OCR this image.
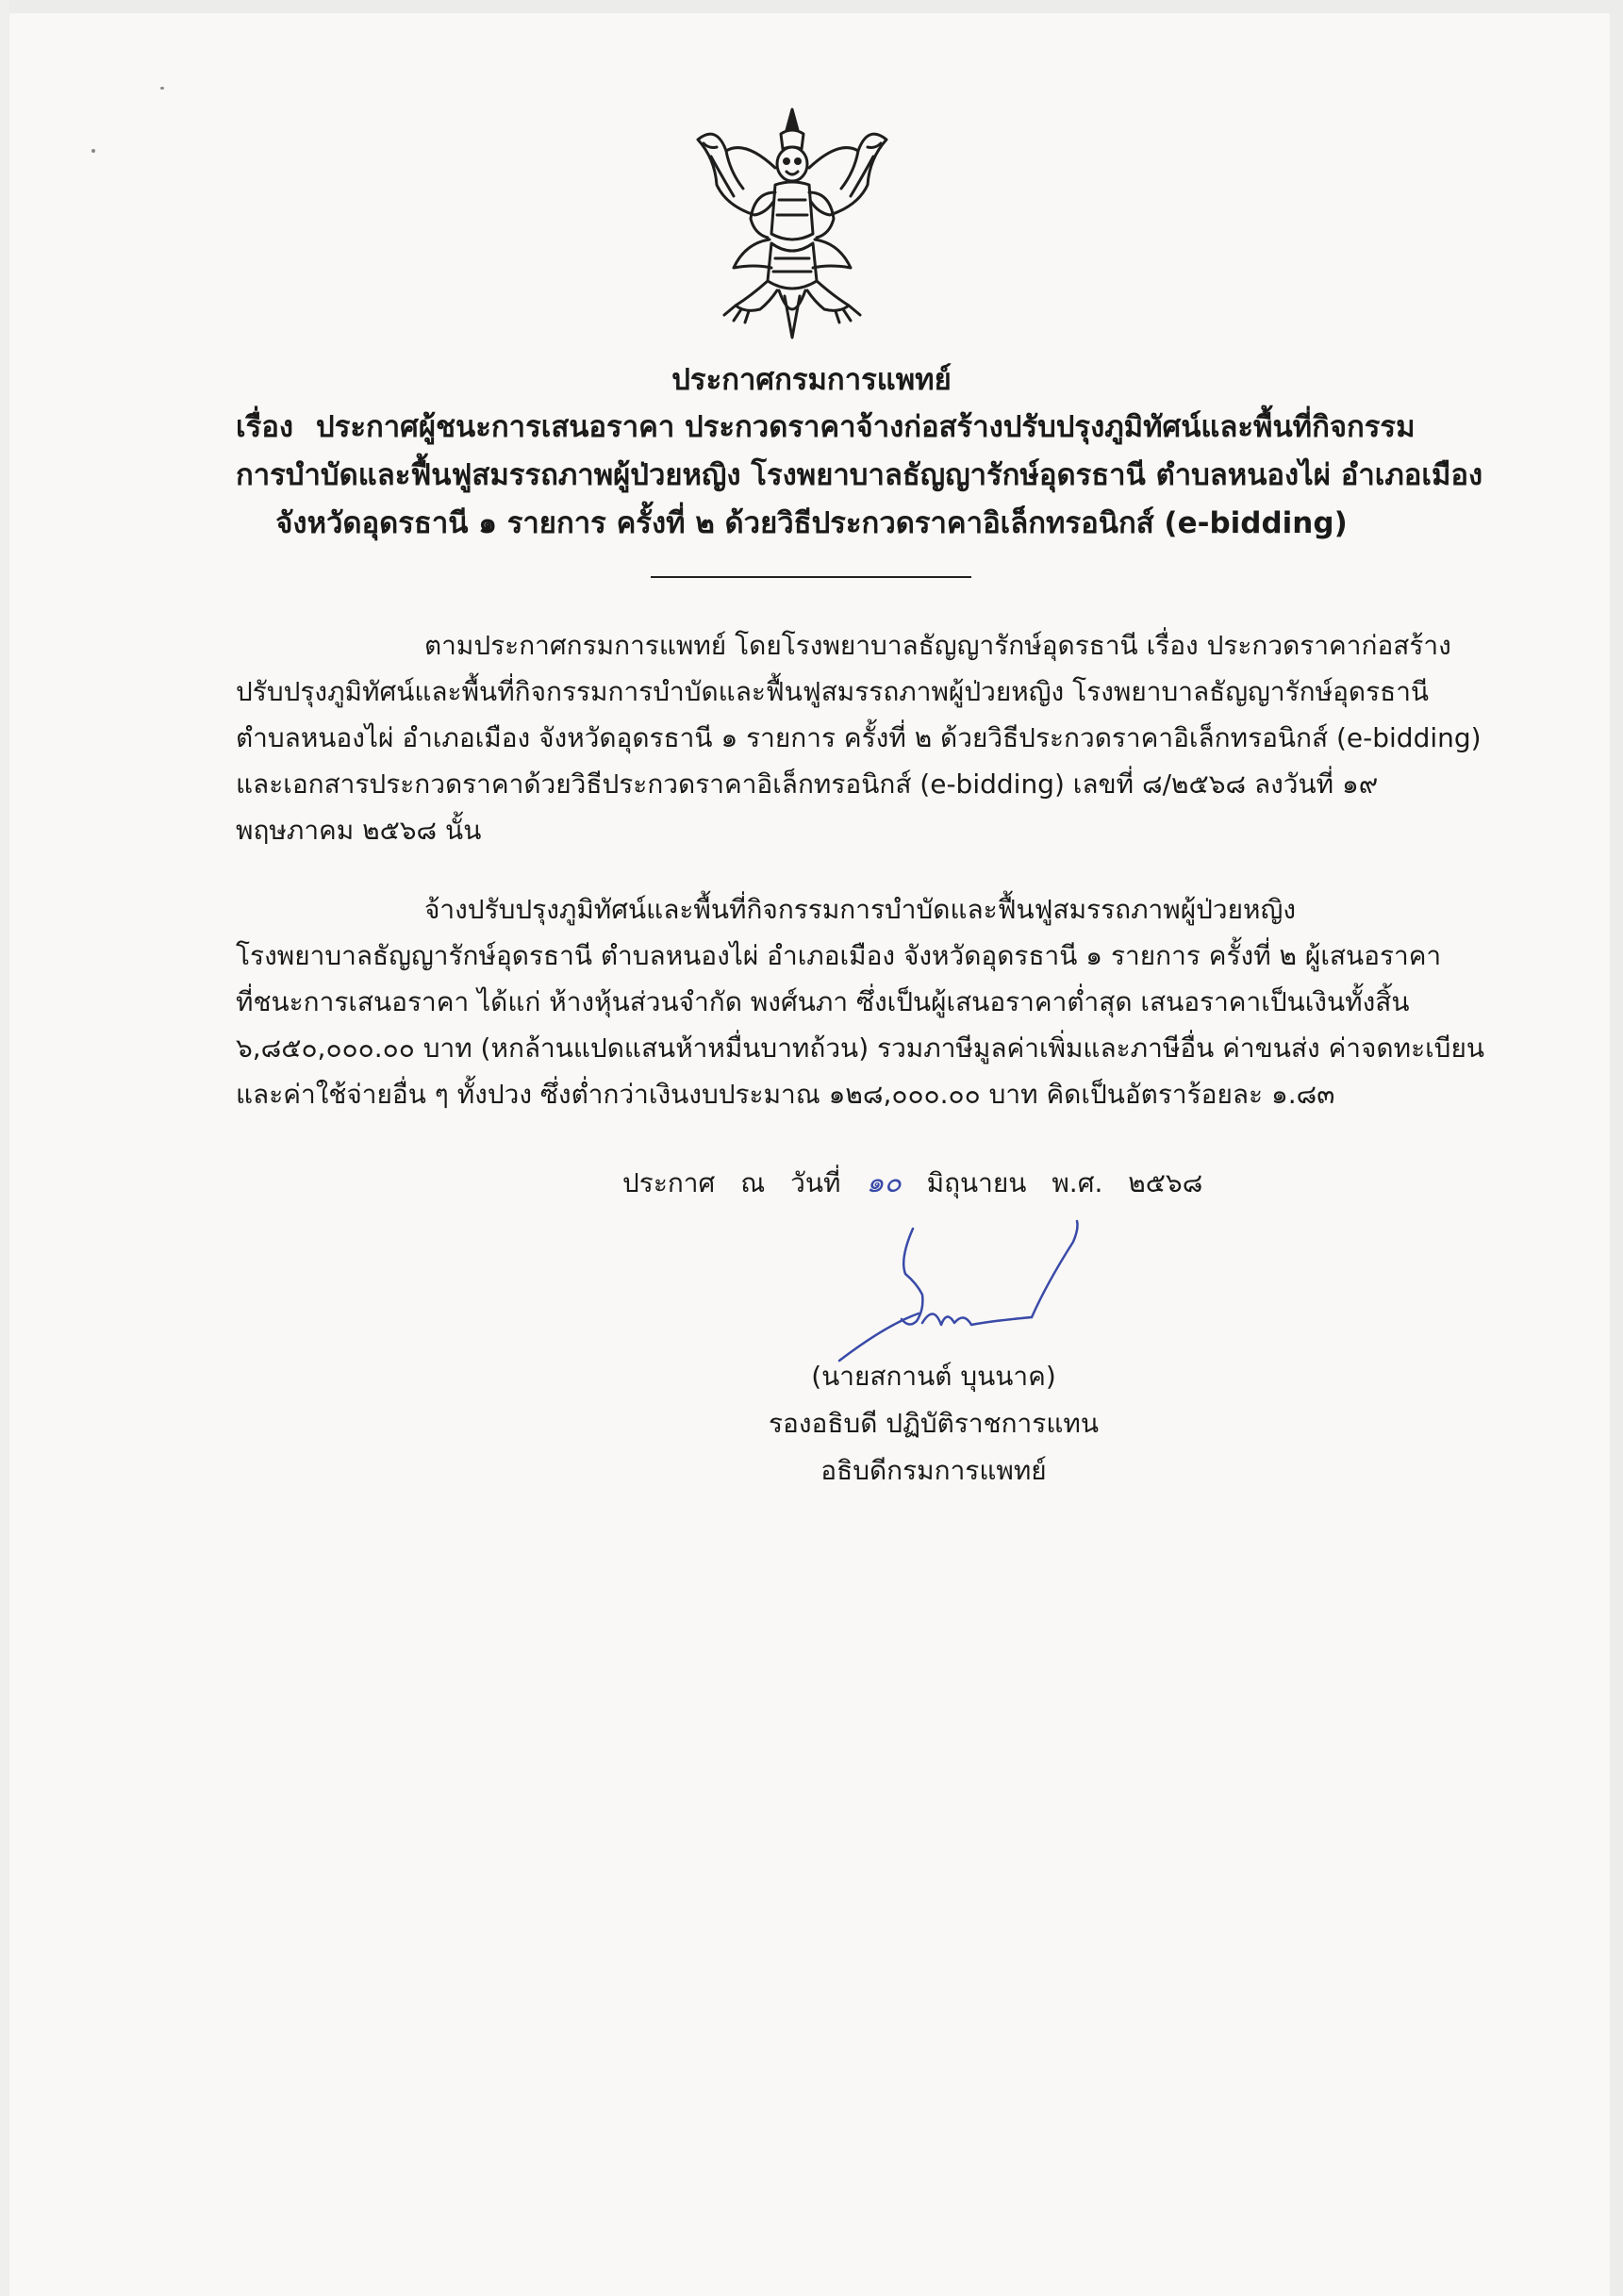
ประกาศกรมการแพทย์
เรื่อง ประกาศผู้ชนะการเสนอราคา ประกวดราคาจ้างก่อสร้างปรับปรุงภูมิทัศน์และพื้นที่กิจกรรม
การบำบัดและฟื้นฟูสมรรถภาพผู้ป่วยหญิง โรงพยาบาลธัญญารักษ์อุดรธานี ตำบลหนองไผ่ อำเภอเมือง
จังหวัดอุดรธานี ๑ รายการ ครั้งที่ ๒ ด้วยวิธีประกวดราคาอิเล็กทรอนิกส์ (e-bidding)
ตามประกาศกรมการแพทย์ โดยโรงพยาบาลธัญญารักษ์อุดรธานี เรื่อง ประกวดราคาก่อสร้าง
ปรับปรุงภูมิทัศน์และพื้นที่กิจกรรมการบำบัดและฟื้นฟูสมรรถภาพผู้ป่วยหญิง โรงพยาบาลธัญญารักษ์อุดรธานี
ตำบลหนองไผ่ อำเภอเมือง จังหวัดอุดรธานี ๑ รายการ ครั้งที่ ๒ ด้วยวิธีประกวดราคาอิเล็กทรอนิกส์ (e-bidding)
และเอกสารประกวดราคาด้วยวิธีประกวดราคาอิเล็กทรอนิกส์ (e-bidding) เลขที่ ๘/๒๕๖๘ ลงวันที่ ๑๙
พฤษภาคม ๒๕๖๘ นั้น
จ้างปรับปรุงภูมิทัศน์และพื้นที่กิจกรรมการบำบัดและฟื้นฟูสมรรถภาพผู้ป่วยหญิง
โรงพยาบาลธัญญารักษ์อุดรธานี ตำบลหนองไผ่ อำเภอเมือง จังหวัดอุดรธานี ๑ รายการ ครั้งที่ ๒ ผู้เสนอราคา
ที่ชนะการเสนอราคา ได้แก่ ห้างหุ้นส่วนจำกัด พงศ์นภา ซึ่งเป็นผู้เสนอราคาต่ำสุด เสนอราคาเป็นเงินทั้งสิ้น
๖,๘๕๐,๐๐๐.๐๐ บาท (หกล้านแปดแสนห้าหมื่นบาทถ้วน) รวมภาษีมูลค่าเพิ่มและภาษีอื่น ค่าขนส่ง ค่าจดทะเบียน
และค่าใช้จ่ายอื่น ๆ ทั้งปวง ซึ่งต่ำกว่าเงินงบประมาณ ๑๒๘,๐๐๐.๐๐ บาท คิดเป็นอัตราร้อยละ ๑.๘๓
ประกาศ ณ วันที่ ๑๐ มิถุนายน พ.ศ. ๒๕๖๘
(นายสกานต์ บุนนาค)
รองอธิบดี ปฏิบัติราชการแทน
อธิบดีกรมการแพทย์
